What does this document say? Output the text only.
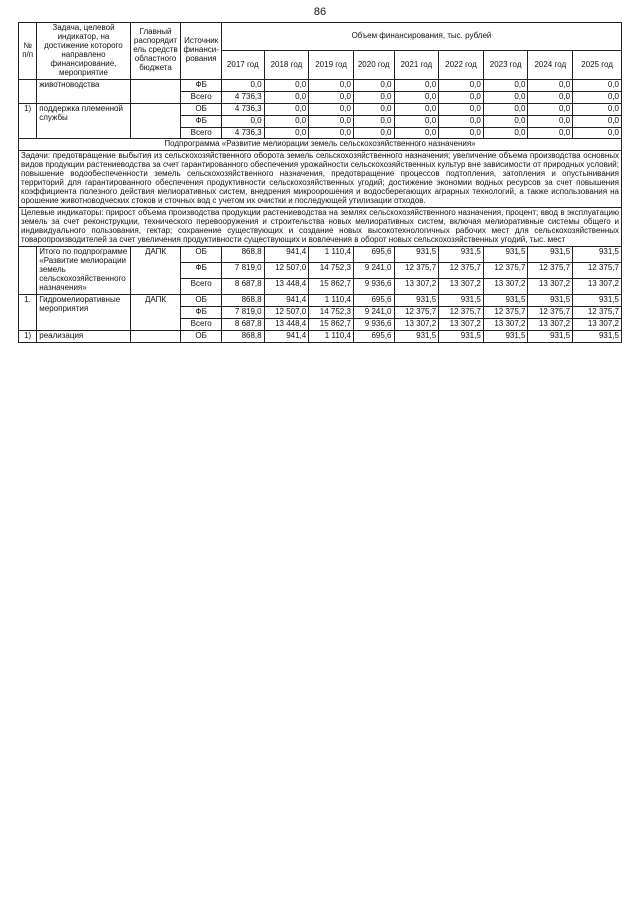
86
№ п/п	Задача, целевой индикатор, на достижение которого направлено финансирование, мероприятие	Главный распорядитель средств областного бюджета	Источник финанси-рования	Объем финансирования, тыс. рублей								
				2017 год	2018 год	2019 год	2020 год	2021 год	2022 год	2023 год	2024 год	2025 год
	животноводства		ФБ	0,0	0,0	0,0	0,0	0,0	0,0	0,0	0,0	0,0
			Всего	4 736,3	0,0	0,0	0,0	0,0	0,0	0,0	0,0	0,0
1)	поддержка племенной службы		ОБ	4 736,3	0,0	0,0	0,0	0,0	0,0	0,0	0,0	0,0
			ФБ	0,0	0,0	0,0	0,0	0,0	0,0	0,0	0,0	0,0
			Всего	4 736,3	0,0	0,0	0,0	0,0	0,0	0,0	0,0	0,0
Подпрограмма «Развитие мелиорации земель сельскохозяйственного назначения»												
Задачи: предотвращение выбытия из сельскохозяйственного оборота земель сельскохозяйственного назначения; увеличение объема производства основных видов продукции растениеводства за счет гарантированного обеспечения урожайности сельскохозяйственных культур вне зависимости от природных условий; повышение водообеспеченности земель сельскохозяйственного назначения, предотвращение процессов подтопления, затопления и опустынивания территорий для гарантированного обеспечения продуктивности сельскохозяйственных угодий; достижение экономии водных ресурсов за счет повышения коэффициента полезного действия мелиоративных систем, внедрения микроорошения и водосберегающих аграрных технологий, а также использования на орошение животноводческих стоков и сточных вод с учетом их очистки и последующей утилизации отходов.												
Целевые индикаторы: прирост объема производства продукции растениеводства на землях сельскохозяйственного назначения, процент; ввод в эксплуатацию земель за счет реконструкции, технического перевооружения и строительства новых мелиоративных систем, включая мелиоративные системы общего и индивидуального пользования, гектар; сохранение существующих и создание новых высокотехнологичных рабочих мест для сельскохозяйственных товаропроизводителей за счет увеличения продуктивности существующих и вовлечения в оборот новых сельскохозяйственных угодий, тыс. мест												
	Итого по подпрограмме «Развитие мелиорации земель сельскохозяйственного назначения»	ДАПК	ОБ	868,8	941,4	1 110,4	695,6	931,5	931,5	931,5	931,5	931,5
			ФБ	7 819,0	12 507,0	14 752,3	9 241,0	12 375,7	12 375,7	12 375,7	12 375,7	12 375,7
			Всего	8 687,8	13 448,4	15 862,7	9 936,6	13 307,2	13 307,2	13 307,2	13 307,2	13 307,2
1.	Гидромелиоративные мероприятия	ДАПК	ОБ	868,8	941,4	1 110,4	695,6	931,5	931,5	931,5	931,5	931,5
			ФБ	7 819,0	12 507,0	14 752,3	9 241,0	12 375,7	12 375,7	12 375,7	12 375,7	12 375,7
			Всего	8 687,8	13 448,4	15 862,7	9 936,6	13 307,2	13 307,2	13 307,2	13 307,2	13 307,2
1)	реализация		ОБ	868,8	941,4	1 110,4	695,6	931,5	931,5	931,5	931,5	931,5
